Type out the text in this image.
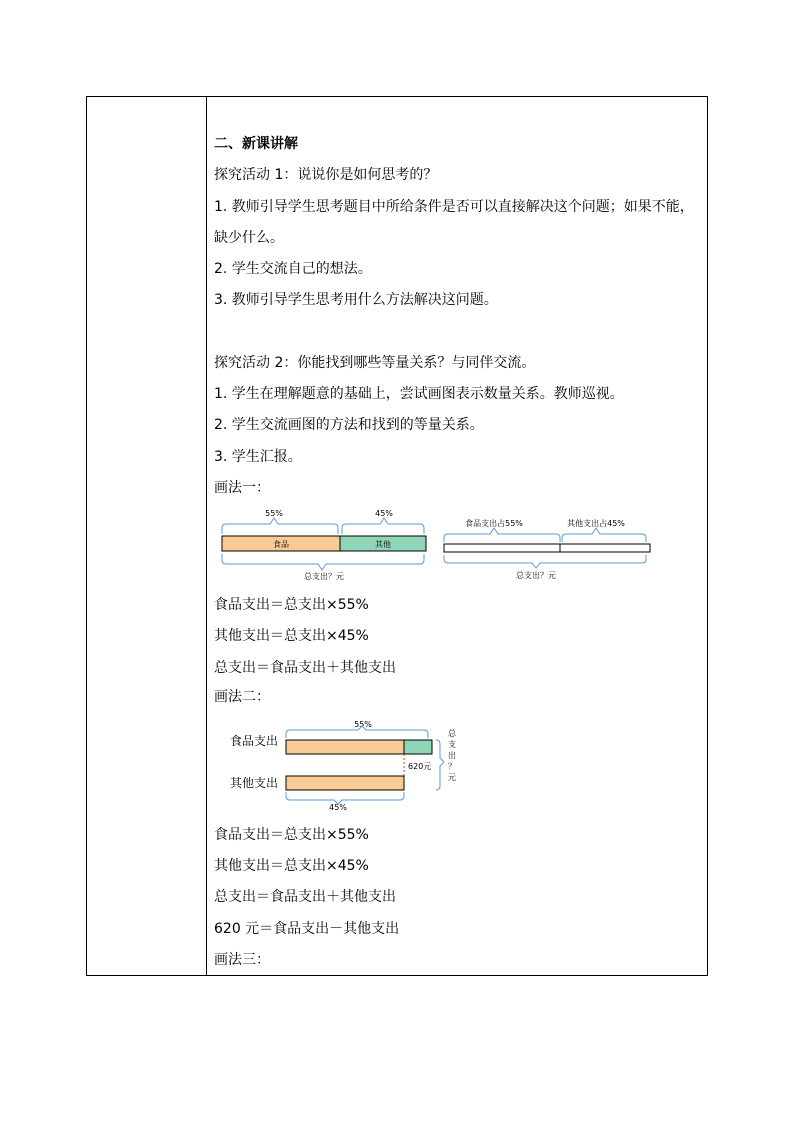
二、新课讲解
探究活动 1：说说你是如何思考的？
1. 教师引导学生思考题目中所给条件是否可以直接解决这个问题；如果不能，缺少什么。
2. 学生交流自己的想法。
3. 教师引导学生思考用什么方法解决这问题。
探究活动 2：你能找到哪些等量关系？与同伴交流。
1. 学生在理解题意的基础上，尝试画图表示数量关系。教师巡视。
2. 学生交流画图的方法和找到的等量关系。
3. 学生汇报。
画法一：
55%	45%
食品	其他
总支出？元
食品支出占55%	其他支出占45%
总支出？元
食品支出＝总支出×55%
其他支出＝总支出×45%
总支出＝食品支出＋其他支出
画法二：
55%
食品支出
620元
其他支出
45%
总 支 出 ？ 元
食品支出＝总支出×55%
其他支出＝总支出×45%
总支出＝食品支出＋其他支出
620 元＝食品支出－其他支出
画法三：
